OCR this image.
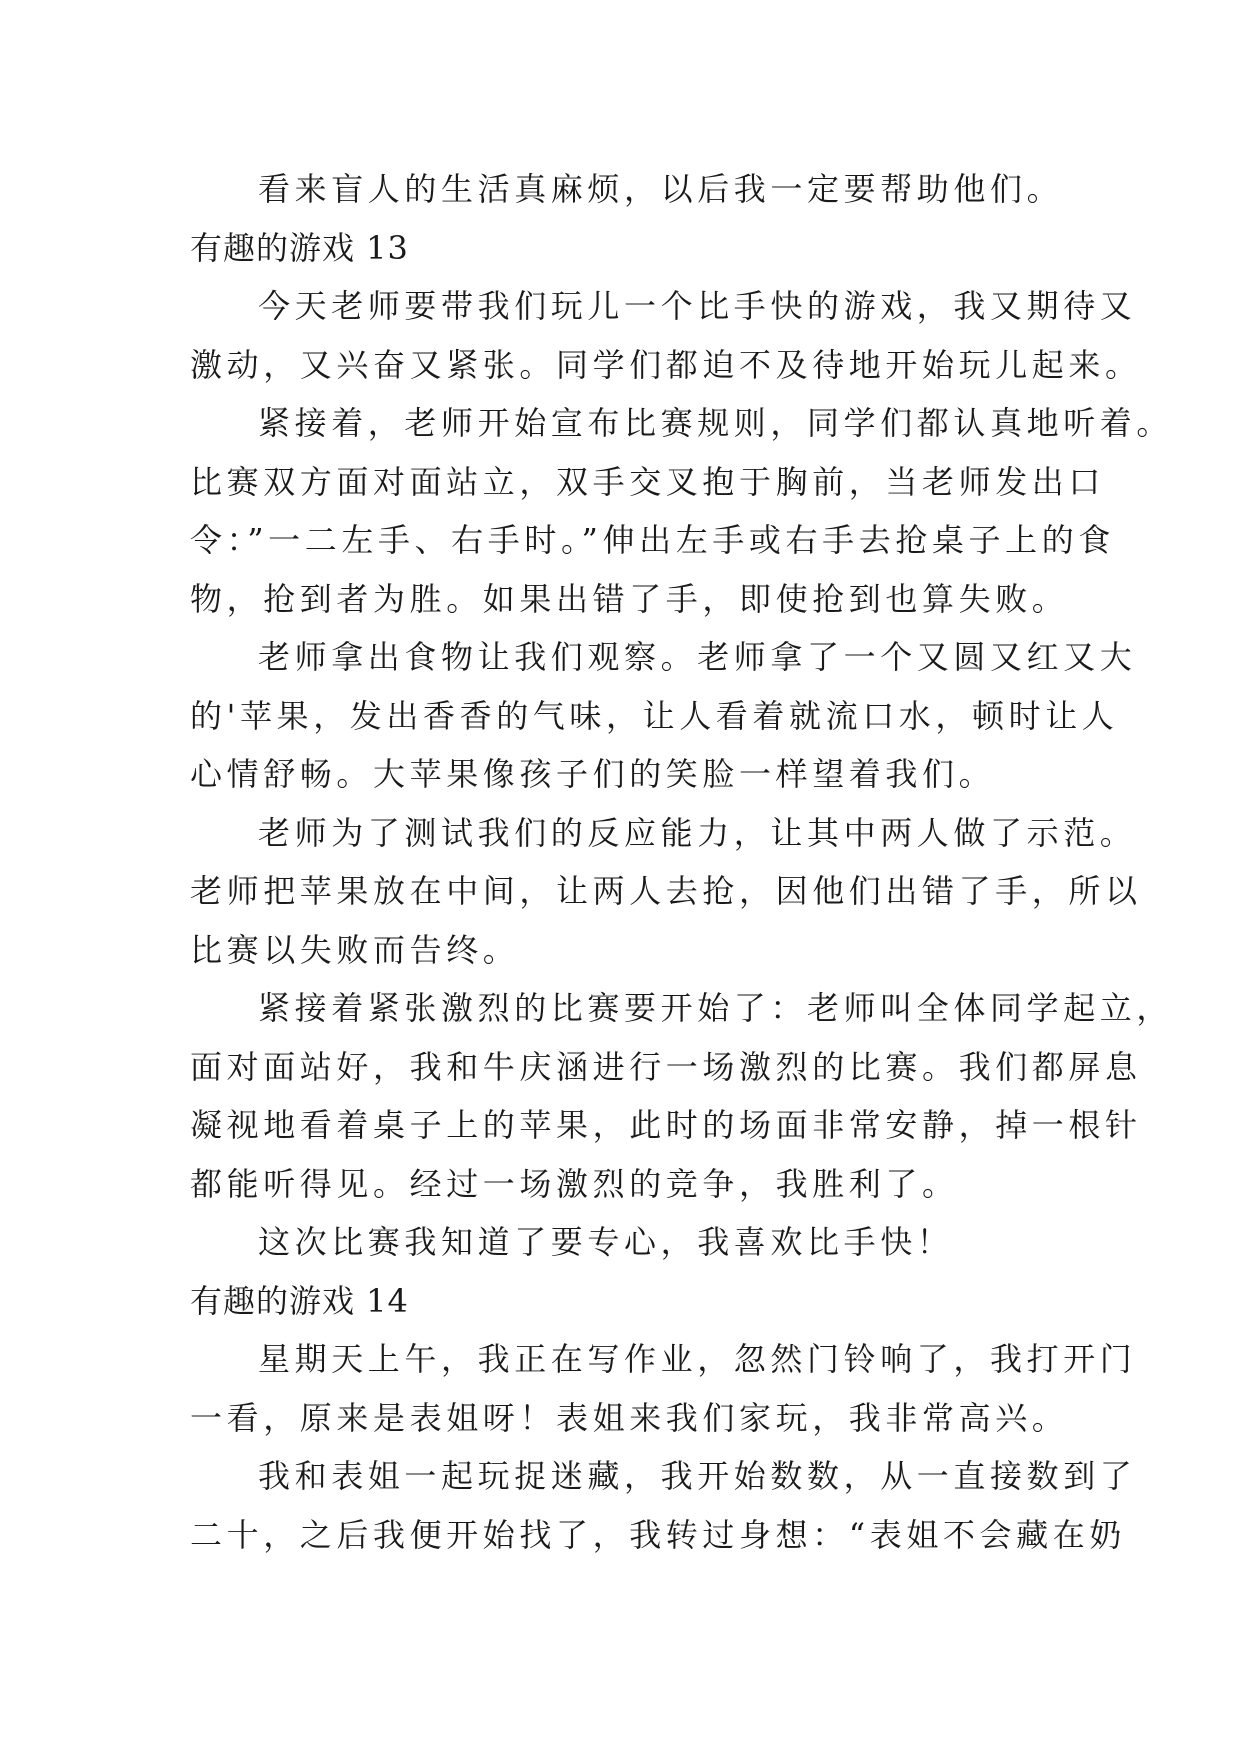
看来盲人的生活真麻烦，以后我一定要帮助他们。
有趣的游戏 13
今天老师要带我们玩儿一个比手快的游戏，我又期待又
激动，又兴奋又紧张。同学们都迫不及待地开始玩儿起来。
紧接着，老师开始宣布比赛规则，同学们都认真地听着。
比赛双方面对面站立，双手交叉抱于胸前，当老师发出口
令：”一二左手、右手时。”伸出左手或右手去抢桌子上的食
物，抢到者为胜。如果出错了手，即使抢到也算失败。
老师拿出食物让我们观察。老师拿了一个又圆又红又大
的'苹果，发出香香的气味，让人看着就流口水，顿时让人
心情舒畅。大苹果像孩子们的笑脸一样望着我们。
老师为了测试我们的反应能力，让其中两人做了示范。
老师把苹果放在中间，让两人去抢，因他们出错了手，所以
比赛以失败而告终。
紧接着紧张激烈的比赛要开始了：老师叫全体同学起立，
面对面站好，我和牛庆涵进行一场激烈的比赛。我们都屏息
凝视地看着桌子上的苹果，此时的场面非常安静，掉一根针
都能听得见。经过一场激烈的竞争，我胜利了。
这次比赛我知道了要专心，我喜欢比手快！
有趣的游戏 14
星期天上午，我正在写作业，忽然门铃响了，我打开门
一看，原来是表姐呀！表姐来我们家玩，我非常高兴。
我和表姐一起玩捉迷藏，我开始数数，从一直接数到了
二十，之后我便开始找了，我转过身想：“表姐不会藏在奶
